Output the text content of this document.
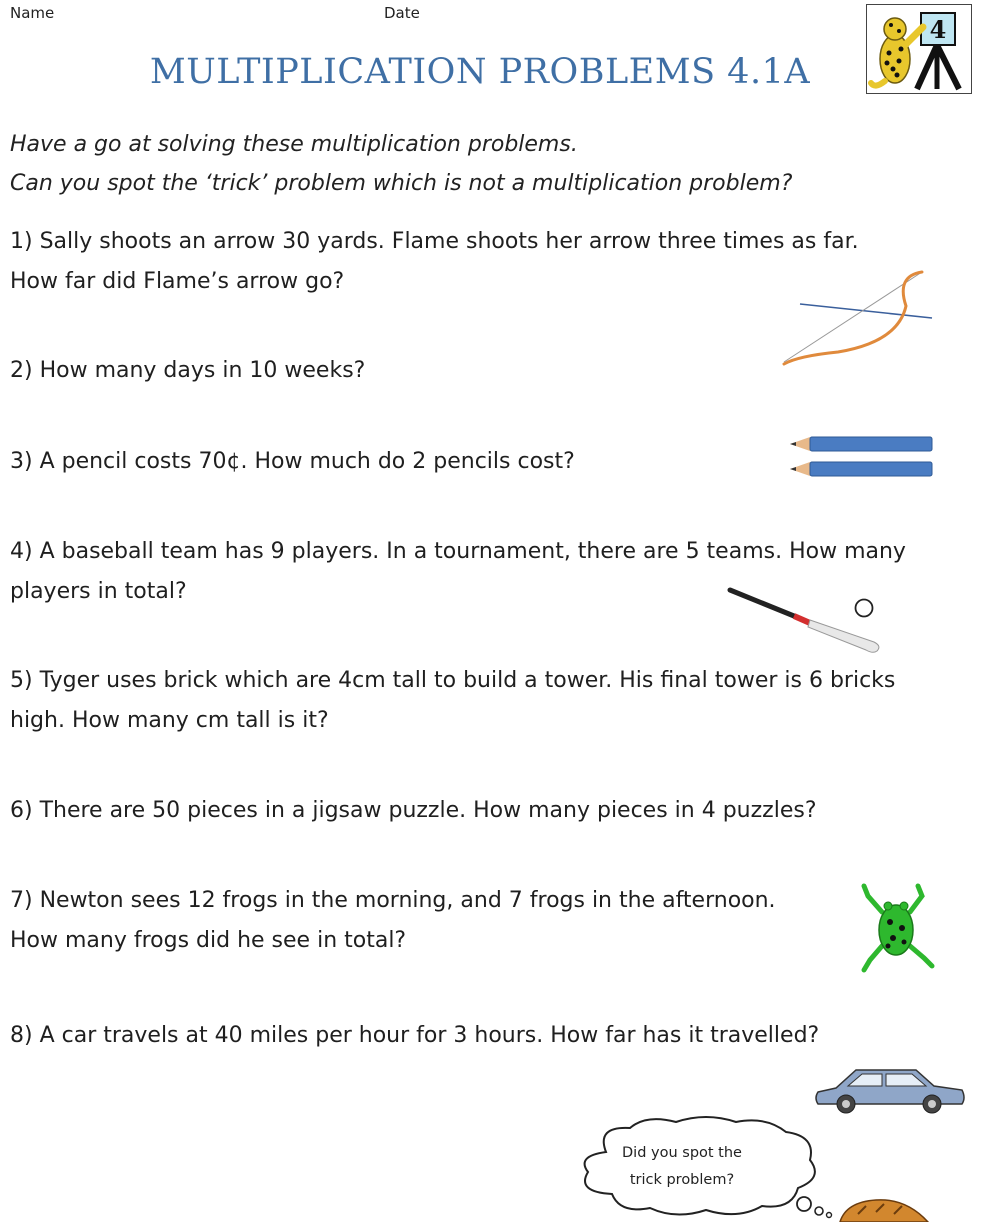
Name	Date
MULTIPLICATION PROBLEMS 4.1A
4
Have a go at solving these multiplication problems.
Can you spot the ‘trick’ problem which is not a multiplication problem?
1) Sally shoots an arrow 30 yards. Flame shoots her arrow three times as far.
How far did Flame’s arrow go?
2) How many days in 10 weeks?
3) A pencil costs 70¢. How much do 2 pencils cost?
4) A baseball team has 9 players. In a tournament, there are 5 teams. How many
players in total?
5) Tyger uses brick which are 4cm tall to build a tower. His final tower is 6 bricks
high. How many cm tall is it?
6) There are 50 pieces in a jigsaw puzzle. How many pieces in 4 puzzles?
7) Newton sees 12 frogs in the morning, and 7 frogs in the afternoon.
How many frogs did he see in total?
8) A car travels at 40 miles per hour for 3 hours. How far has it travelled?
Did you spot the
trick problem?
